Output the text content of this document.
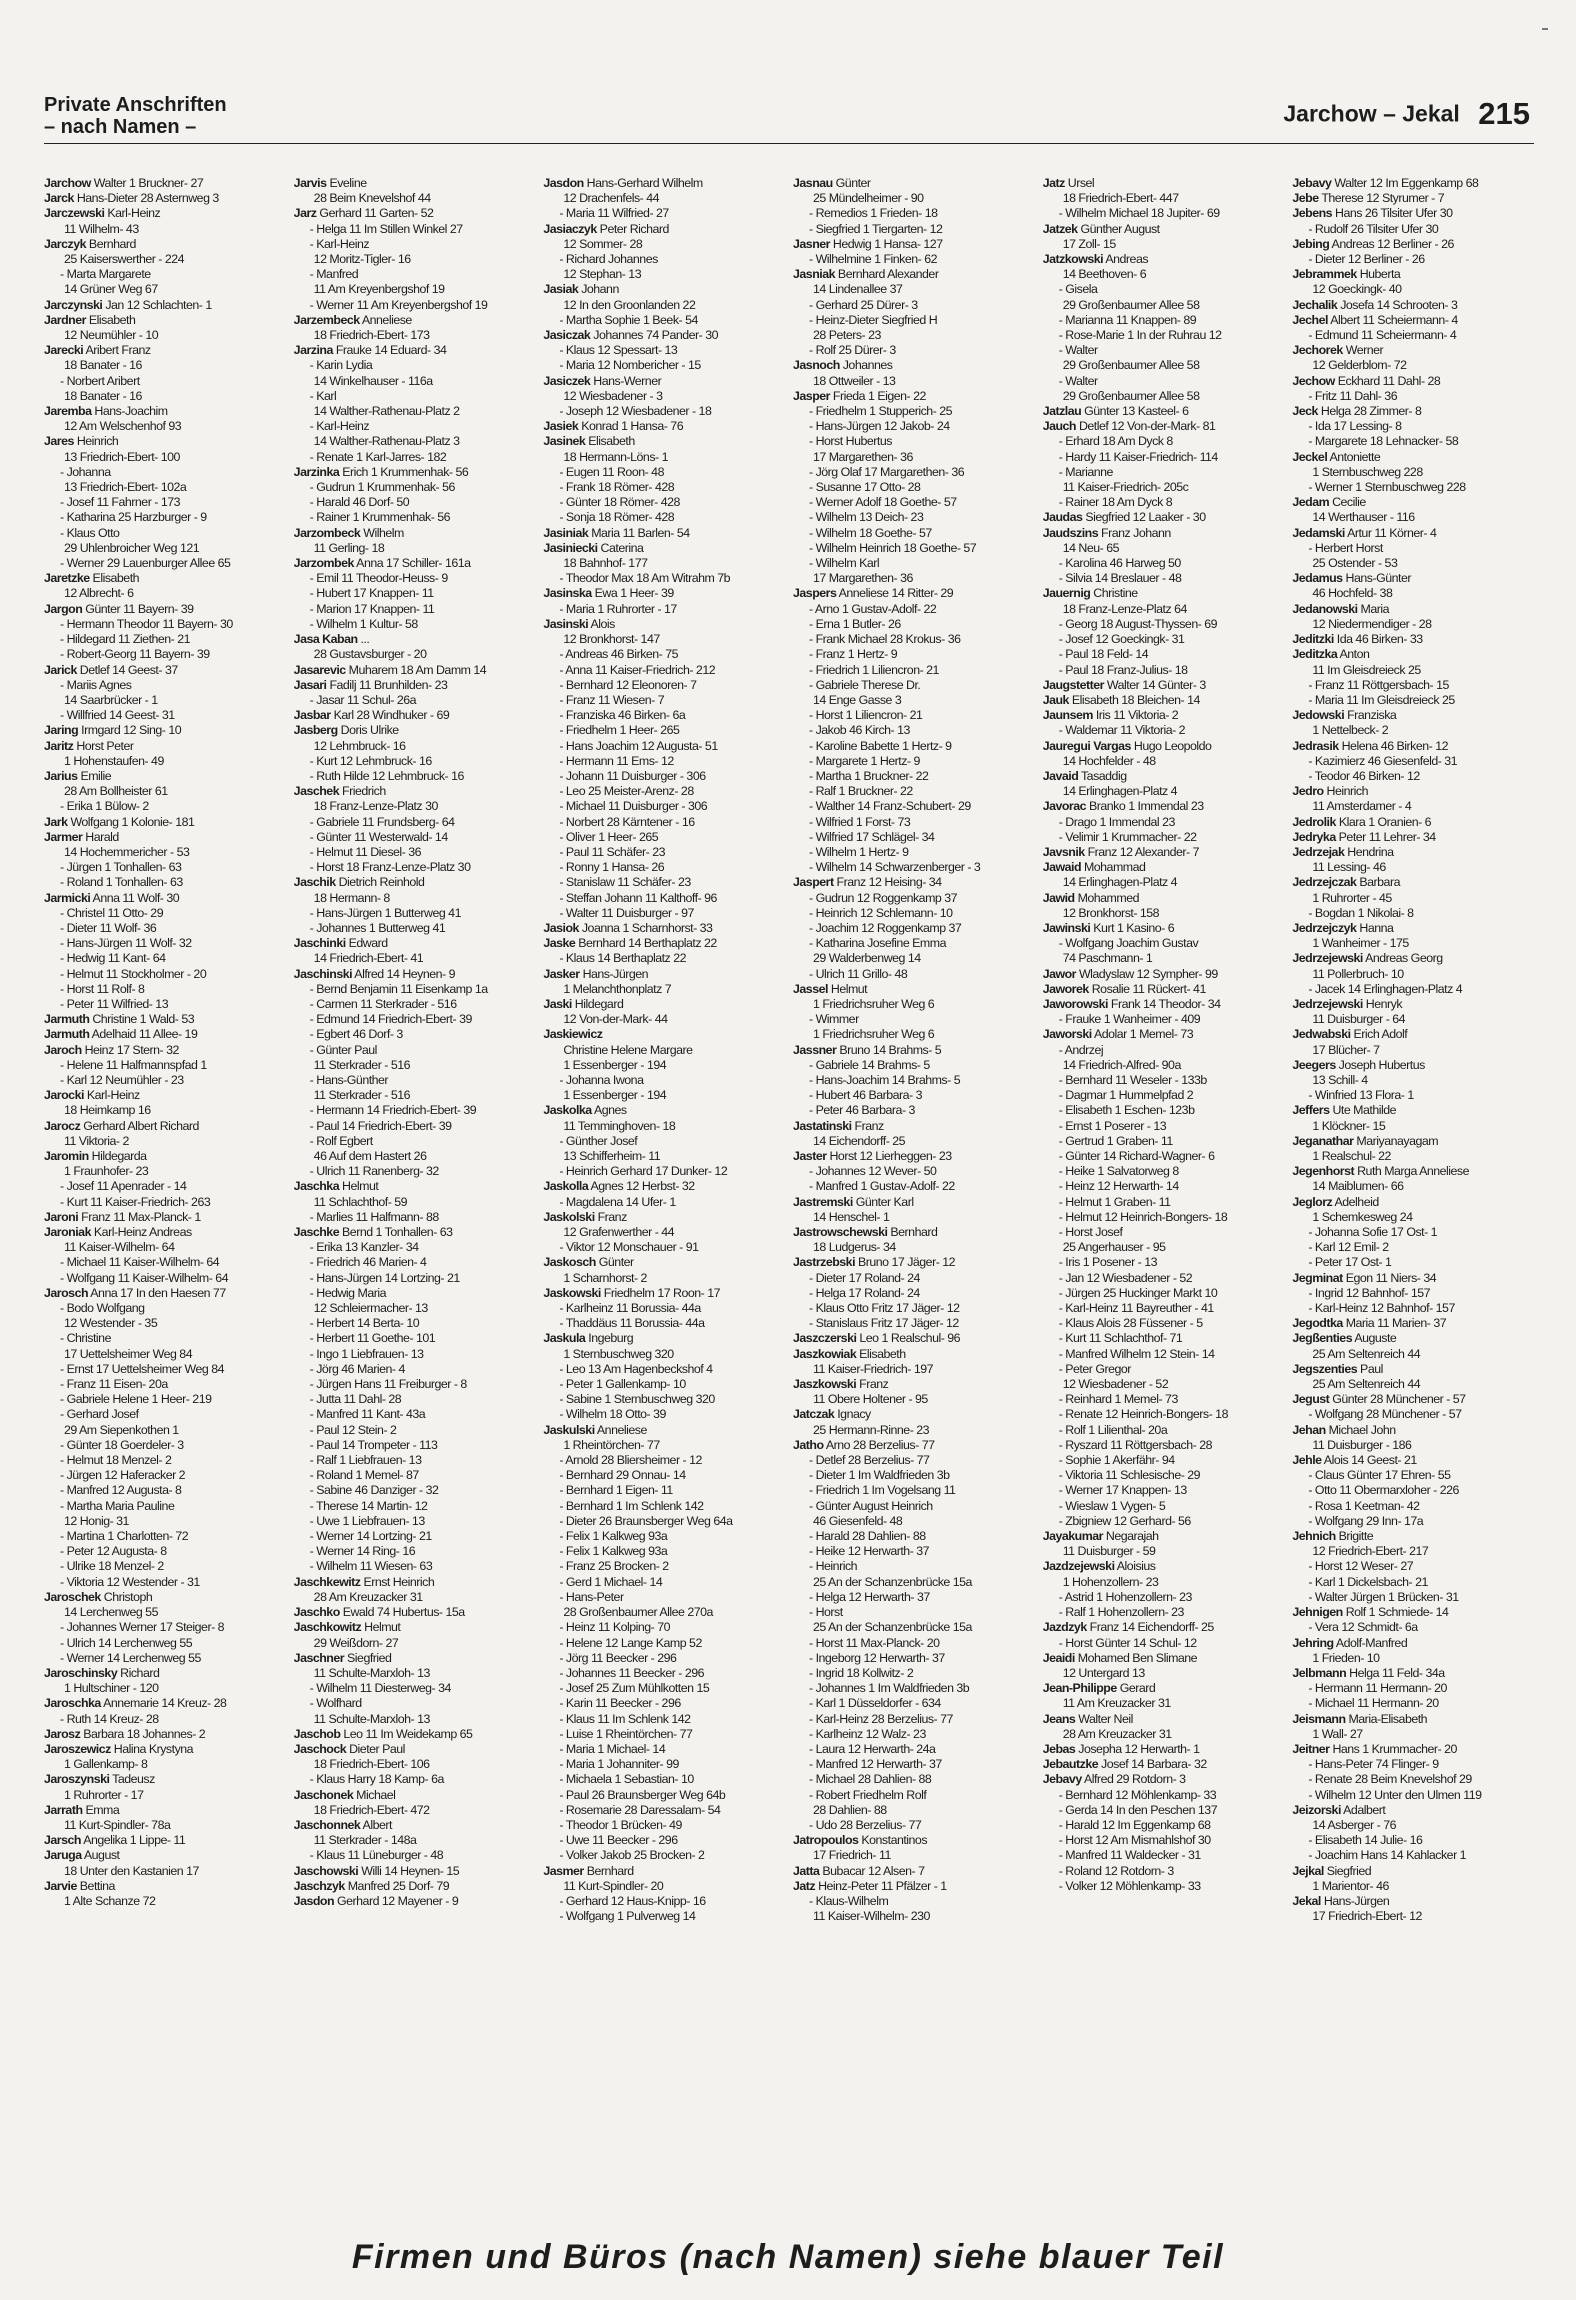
Private Anschriften
– nach Namen –
Jarchow – Jekal 215
Jarchow Walter 1 Bruckner- 27
Jarck Hans-Dieter 28 Asternweg 3
Jarczewski Karl-Heinz
11 Wilhelm- 43
Jarczyk Bernhard
25 Kaiserswerther - 224
- Marta Margarete
14 Grüner Weg 67
Jarczynski Jan 12 Schlachten- 1
Jardner Elisabeth
12 Neumühler - 10
Jarecki Aribert Franz
18 Banater - 16
- Norbert Aribert
18 Banater - 16
Jaremba Hans-Joachim
12 Am Welschenhof 93
Jares Heinrich
13 Friedrich-Ebert- 100
- Johanna
13 Friedrich-Ebert- 102a
- Josef 11 Fahrner - 173
- Katharina 25 Harzburger - 9
- Klaus Otto
29 Uhlenbroicher Weg 121
- Werner 29 Lauenburger Allee 65
Jaretzke Elisabeth
12 Albrecht- 6
Jargon Günter 11 Bayern- 39
- Hermann Theodor 11 Bayern- 30
- Hildegard 11 Ziethen- 21
- Robert-Georg 11 Bayern- 39
Jarick Detlef 14 Geest- 37
- Mariis Agnes
14 Saarbrücker - 1
- Willfried 14 Geest- 31
Jaring Irmgard 12 Sing- 10
Jaritz Horst Peter
1 Hohenstaufen- 49
Jarius Emilie
28 Am Bollheister 61
- Erika 1 Bülow- 2
Jark Wolfgang 1 Kolonie- 181
Jarmer Harald
14 Hochemmericher - 53
- Jürgen 1 Tonhallen- 63
- Roland 1 Tonhallen- 63
Jarmicki Anna 11 Wolf- 30
- Christel 11 Otto- 29
- Dieter 11 Wolf- 36
- Hans-Jürgen 11 Wolf- 32
- Hedwig 11 Kant- 64
- Helmut 11 Stockholmer - 20
- Horst 11 Rolf- 8
- Peter 11 Wilfried- 13
Jarmuth Christine 1 Wald- 53
Jarmuth Adelhaid 11 Allee- 19
Jaroch Heinz 17 Stern- 32
- Helene 11 Halfmannspfad 1
- Karl 12 Neumühler - 23
Jarocki Karl-Heinz
18 Heimkamp 16
Jarocz Gerhard Albert Richard
11 Viktoria- 2
Jaromin Hildegarda
1 Fraunhofer- 23
- Josef 11 Apenrader - 14
- Kurt 11 Kaiser-Friedrich- 263
Jaroni Franz 11 Max-Planck- 1
Jaroniak Karl-Heinz Andreas
11 Kaiser-Wilhelm- 64
- Michael 11 Kaiser-Wilhelm- 64
- Wolfgang 11 Kaiser-Wilhelm- 64
Jarosch Anna 17 In den Haesen 77
- Bodo Wolfgang
12 Westender - 35
- Christine
17 Uettelsheimer Weg 84
- Ernst 17 Uettelsheimer Weg 84
- Franz 11 Eisen- 20a
- Gabriele Helene 1 Heer- 219
- Gerhard Josef
29 Am Siepenkothen 1
- Günter 18 Goerdeler- 3
- Helmut 18 Menzel- 2
- Jürgen 12 Haferacker 2
- Manfred 12 Augusta- 8
- Martha Maria Pauline
12 Honig- 31
- Martina 1 Charlotten- 72
- Peter 12 Augusta- 8
- Ulrike 18 Menzel- 2
- Viktoria 12 Westender - 31
Jaroschek Christoph
14 Lerchenweg 55
- Johannes Werner 17 Steiger- 8
- Ulrich 14 Lerchenweg 55
- Werner 14 Lerchenweg 55
Jaroschinsky Richard
1 Hultschiner - 120
Jaroschka Annemarie 14 Kreuz- 28
- Ruth 14 Kreuz- 28
Jarosz Barbara 18 Johannes- 2
Jaroszewicz Halina Krystyna
1 Gallenkamp- 8
Jaroszynski Tadeusz
1 Ruhrorter - 17
Jarrath Emma
11 Kurt-Spindler- 78a
Jarsch Angelika 1 Lippe- 11
Jaruga August
18 Unter den Kastanien 17
Jarvie Bettina
1 Alte Schanze 72
Jarvis Eveline
28 Beim Knevelshof 44
Jarz Gerhard 11 Garten- 52
- Helga 11 Im Stillen Winkel 27
- Karl-Heinz
12 Moritz-Tigler- 16
- Manfred
11 Am Kreyenbergshof 19
- Werner 11 Am Kreyenbergshof 19
Jarzembeck Anneliese
18 Friedrich-Ebert- 173
Jarzina Frauke 14 Eduard- 34
- Karin Lydia
14 Winkelhauser - 116a
- Karl
14 Walther-Rathenau-Platz 2
- Karl-Heinz
14 Walther-Rathenau-Platz 3
- Renate 1 Karl-Jarres- 182
Jarzinka Erich 1 Krummenhak- 56
- Gudrun 1 Krummenhak- 56
- Harald 46 Dorf- 50
- Rainer 1 Krummenhak- 56
Jarzombeck Wilhelm
11 Gerling- 18
Jarzombek Anna 17 Schiller- 161a
- Emil 11 Theodor-Heuss- 9
- Hubert 17 Knappen- 11
- Marion 17 Knappen- 11
- Wilhelm 1 Kultur- 58
Jasa Kaban ...
28 Gustavsburger - 20
Jasarevic Muharem 18 Am Damm 14
Jasari Fadilj 11 Brunhilden- 23
- Jasar 11 Schul- 26a
Jasbar Karl 28 Windhuker - 69
Jasberg Doris Ulrike
12 Lehmbruck- 16
- Kurt 12 Lehmbruck- 16
- Ruth Hilde 12 Lehmbruck- 16
Jaschek Friedrich
18 Franz-Lenze-Platz 30
- Gabriele 11 Frundsberg- 64
- Günter 11 Westerwald- 14
- Helmut 11 Diesel- 36
- Horst 18 Franz-Lenze-Platz 30
Jaschik Dietrich Reinhold
18 Hermann- 8
- Hans-Jürgen 1 Butterweg 41
- Johannes 1 Butterweg 41
Jaschinki Edward
14 Friedrich-Ebert- 41
Jaschinski Alfred 14 Heynen- 9
- Bernd Benjamin 11 Eisenkamp 1a
- Carmen 11 Sterkrader - 516
- Edmund 14 Friedrich-Ebert- 39
- Egbert 46 Dorf- 3
- Günter Paul
11 Sterkrader - 516
- Hans-Günther
11 Sterkrader - 516
- Hermann 14 Friedrich-Ebert- 39
- Paul 14 Friedrich-Ebert- 39
- Rolf Egbert
46 Auf dem Hastert 26
- Ulrich 11 Ranenberg- 32
Jaschka Helmut
11 Schlachthof- 59
- Marlies 11 Halfmann- 88
Jaschke Bernd 1 Tonhallen- 63
- Erika 13 Kanzler- 34
- Friedrich 46 Marien- 4
- Hans-Jürgen 14 Lortzing- 21
- Hedwig Maria
12 Schleiermacher- 13
- Herbert 14 Berta- 10
- Herbert 11 Goethe- 101
- Ingo 1 Liebfrauen- 13
- Jörg 46 Marien- 4
- Jürgen Hans 11 Freiburger - 8
- Jutta 11 Dahl- 28
- Manfred 11 Kant- 43a
- Paul 12 Stein- 2
- Paul 14 Trompeter - 113
- Ralf 1 Liebfrauen- 13
- Roland 1 Memel- 87
- Sabine 46 Danziger - 32
- Therese 14 Martin- 12
- Uwe 1 Liebfrauen- 13
- Werner 14 Lortzing- 21
- Werner 14 Ring- 16
- Wilhelm 11 Wiesen- 63
Jaschkewitz Ernst Heinrich
28 Am Kreuzacker 31
Jaschko Ewald 74 Hubertus- 15a
Jaschkowitz Helmut
29 Weißdorn- 27
Jaschner Siegfried
11 Schulte-Marxloh- 13
- Wilhelm 11 Diesterweg- 34
- Wolfhard
11 Schulte-Marxloh- 13
Jaschob Leo 11 Im Weidekamp 65
Jaschock Dieter Paul
18 Friedrich-Ebert- 106
- Klaus Harry 18 Kamp- 6a
Jaschonek Michael
18 Friedrich-Ebert- 472
Jaschonnek Albert
11 Sterkrader - 148a
- Klaus 11 Lüneburger - 48
Jaschowski Willi 14 Heynen- 15
Jaschzyk Manfred 25 Dorf- 79
Jasdon Gerhard 12 Mayener - 9
Jasdon Hans-Gerhard Wilhelm
12 Drachenfels- 44
- Maria 11 Wilfried- 27
Jasiaczyk Peter Richard
12 Sommer- 28
- Richard Johannes
12 Stephan- 13
Jasiak Johann
12 In den Groonlanden 22
- Martha Sophie 1 Beek- 54
Jasiczak Johannes 74 Pander- 30
- Klaus 12 Spessart- 13
- Maria 12 Nombericher - 15
Jasiczek Hans-Werner
12 Wiesbadener - 3
- Joseph 12 Wiesbadener - 18
Jasiek Konrad 1 Hansa- 76
Jasinek Elisabeth
18 Hermann-Löns- 1
- Eugen 11 Roon- 48
- Frank 18 Römer- 428
- Günter 18 Römer- 428
- Sonja 18 Römer- 428
Jasiniak Maria 11 Barlen- 54
Jasiniecki Caterina
18 Bahnhof- 177
- Theodor Max 18 Am Witrahm 7b
Jasinska Ewa 1 Heer- 39
- Maria 1 Ruhrorter - 17
Jasinski Alois
12 Bronkhorst- 147
- Andreas 46 Birken- 75
- Anna 11 Kaiser-Friedrich- 212
- Bernhard 12 Eleonoren- 7
- Franz 11 Wiesen- 7
- Franziska 46 Birken- 6a
- Friedhelm 1 Heer- 265
- Hans Joachim 12 Augusta- 51
- Hermann 11 Ems- 12
- Johann 11 Duisburger - 306
- Leo 25 Meister-Arenz- 28
- Michael 11 Duisburger - 306
- Norbert 28 Kärntener - 16
- Oliver 1 Heer- 265
- Paul 11 Schäfer- 23
- Ronny 1 Hansa- 26
- Stanislaw 11 Schäfer- 23
- Steffan Johann 11 Kalthoff- 96
- Walter 11 Duisburger - 97
Jasiok Joanna 1 Scharnhorst- 33
Jaske Bernhard 14 Berthaplatz 22
- Klaus 14 Berthaplatz 22
Jasker Hans-Jürgen
1 Melanchthonplatz 7
Jaski Hildegard
12 Von-der-Mark- 44
Jaskiewicz
Christine Helene Margare
1 Essenberger - 194
- Johanna Iwona
1 Essenberger - 194
Jaskolka Agnes
11 Temminghoven- 18
- Günther Josef
13 Schifferheim- 11
- Heinrich Gerhard 17 Dunker- 12
Jaskolla Agnes 12 Herbst- 32
- Magdalena 14 Ufer- 1
Jaskolski Franz
12 Grafenwerther - 44
- Viktor 12 Monschauer - 91
Jaskosch Günter
1 Scharnhorst- 2
Jaskowski Friedhelm 17 Roon- 17
- Karlheinz 11 Borussia- 44a
- Thaddäus 11 Borussia- 44a
Jaskula Ingeburg
1 Sternbuschweg 320
- Leo 13 Am Hagenbeckshof 4
- Peter 1 Gallenkamp- 10
- Sabine 1 Sternbuschweg 320
- Wilhelm 18 Otto- 39
Jaskulski Anneliese
1 Rheintörchen- 77
- Arnold 28 Bliersheimer - 12
- Bernhard 29 Onnau- 14
- Bernhard 1 Eigen- 11
- Bernhard 1 Im Schlenk 142
- Dieter 26 Braunsberger Weg 64a
- Felix 1 Kalkweg 93a
- Felix 1 Kalkweg 93a
- Franz 25 Brocken- 2
- Gerd 1 Michael- 14
- Hans-Peter
28 Großenbaumer Allee 270a
- Heinz 11 Kolping- 70
- Helene 12 Lange Kamp 52
- Jörg 11 Beecker - 296
- Johannes 11 Beecker - 296
- Josef 25 Zum Mühlkotten 15
- Karin 11 Beecker - 296
- Klaus 11 Im Schlenk 142
- Luise 1 Rheintörchen- 77
- Maria 1 Michael- 14
- Maria 1 Johanniter- 99
- Michaela 1 Sebastian- 10
- Paul 26 Braunsberger Weg 64b
- Rosemarie 28 Daressalam- 54
- Theodor 1 Brücken- 49
- Uwe 11 Beecker - 296
- Volker Jakob 25 Brocken- 2
Jasmer Bernhard
11 Kurt-Spindler- 20
- Gerhard 12 Haus-Knipp- 16
- Wolfgang 1 Pulverweg 14
Jasnau Günter
25 Mündelheimer - 90
- Remedios 1 Frieden- 18
- Siegfried 1 Tiergarten- 12
Jasner Hedwig 1 Hansa- 127
- Wilhelmine 1 Finken- 62
Jasniak Bernhard Alexander
14 Lindenallee 37
- Gerhard 25 Dürer- 3
- Heinz-Dieter Siegfried H
28 Peters- 23
- Rolf 25 Dürer- 3
Jasnoch Johannes
18 Ottweiler - 13
Jasper Frieda 1 Eigen- 22
- Friedhelm 1 Stupperich- 25
- Hans-Jürgen 12 Jakob- 24
- Horst Hubertus
17 Margarethen- 36
- Jörg Olaf 17 Margarethen- 36
- Susanne 17 Otto- 28
- Werner Adolf 18 Goethe- 57
- Wilhelm 13 Deich- 23
- Wilhelm 18 Goethe- 57
- Wilhelm Heinrich 18 Goethe- 57
- Wilhelm Karl
17 Margarethen- 36
Jaspers Anneliese 14 Ritter- 29
- Arno 1 Gustav-Adolf- 22
- Erna 1 Butler- 26
- Frank Michael 28 Krokus- 36
- Franz 1 Hertz- 9
- Friedrich 1 Liliencron- 21
- Gabriele Therese Dr.
14 Enge Gasse 3
- Horst 1 Liliencron- 21
- Jakob 46 Kirch- 13
- Karoline Babette 1 Hertz- 9
- Margarete 1 Hertz- 9
- Martha 1 Bruckner- 22
- Ralf 1 Bruckner- 22
- Walther 14 Franz-Schubert- 29
- Wilfried 1 Forst- 73
- Wilfried 17 Schlägel- 34
- Wilhelm 1 Hertz- 9
- Wilhelm 14 Schwarzenberger - 3
Jaspert Franz 12 Heising- 34
- Gudrun 12 Roggenkamp 37
- Heinrich 12 Schlemann- 10
- Joachim 12 Roggenkamp 37
- Katharina Josefine Emma
29 Walderbenweg 14
- Ulrich 11 Grillo- 48
Jassel Helmut
1 Friedrichsruher Weg 6
- Wimmer
1 Friedrichsruher Weg 6
Jassner Bruno 14 Brahms- 5
- Gabriele 14 Brahms- 5
- Hans-Joachim 14 Brahms- 5
- Hubert 46 Barbara- 3
- Peter 46 Barbara- 3
Jastatinski Franz
14 Eichendorff- 25
Jaster Horst 12 Lierheggen- 23
- Johannes 12 Wever- 50
- Manfred 1 Gustav-Adolf- 22
Jastremski Günter Karl
14 Henschel- 1
Jastrowschewski Bernhard
18 Ludgerus- 34
Jastrzebski Bruno 17 Jäger- 12
- Dieter 17 Roland- 24
- Helga 17 Roland- 24
- Klaus Otto Fritz 17 Jäger- 12
- Stanislaus Fritz 17 Jäger- 12
Jaszczerski Leo 1 Realschul- 96
Jaszkowiak Elisabeth
11 Kaiser-Friedrich- 197
Jaszkowski Franz
11 Obere Holtener - 95
Jatczak Ignacy
25 Hermann-Rinne- 23
Jatho Arno 28 Berzelius- 77
- Detlef 28 Berzelius- 77
- Dieter 1 Im Waldfrieden 3b
- Friedrich 1 Im Vogelsang 11
- Günter August Heinrich
46 Giesenfeld- 48
- Harald 28 Dahlien- 88
- Heike 12 Herwarth- 37
- Heinrich
25 An der Schanzenbrücke 15a
- Helga 12 Herwarth- 37
- Horst
25 An der Schanzenbrücke 15a
- Horst 11 Max-Planck- 20
- Ingeborg 12 Herwarth- 37
- Ingrid 18 Kollwitz- 2
- Johannes 1 Im Waldfrieden 3b
- Karl 1 Düsseldorfer - 634
- Karl-Heinz 28 Berzelius- 77
- Karlheinz 12 Walz- 23
- Laura 12 Herwarth- 24a
- Manfred 12 Herwarth- 37
- Michael 28 Dahlien- 88
- Robert Friedhelm Rolf
28 Dahlien- 88
- Udo 28 Berzelius- 77
Jatropoulos Konstantinos
17 Friedrich- 11
Jatta Bubacar 12 Alsen- 7
Jatz Heinz-Peter 11 Pfälzer - 1
- Klaus-Wilhelm
11 Kaiser-Wilhelm- 230
Jatz Ursel
18 Friedrich-Ebert- 447
- Wilhelm Michael 18 Jupiter- 69
Jatzek Günther August
17 Zoll- 15
Jatzkowski Andreas
14 Beethoven- 6
- Gisela
29 Großenbaumer Allee 58
- Marianna 11 Knappen- 89
- Rose-Marie 1 In der Ruhrau 12
- Walter
29 Großenbaumer Allee 58
- Walter
29 Großenbaumer Allee 58
Jatzlau Günter 13 Kasteel- 6
Jauch Detlef 12 Von-der-Mark- 81
- Erhard 18 Am Dyck 8
- Hardy 11 Kaiser-Friedrich- 114
- Marianne
11 Kaiser-Friedrich- 205c
- Rainer 18 Am Dyck 8
Jaudas Siegfried 12 Laaker - 30
Jaudszins Franz Johann
14 Neu- 65
- Karolina 46 Harweg 50
- Silvia 14 Breslauer - 48
Jauernig Christine
18 Franz-Lenze-Platz 64
- Georg 18 August-Thyssen- 69
- Josef 12 Goeckingk- 31
- Paul 18 Feld- 14
- Paul 18 Franz-Julius- 18
Jaugstetter Walter 14 Günter- 3
Jauk Elisabeth 18 Bleichen- 14
Jaunsem Iris 11 Viktoria- 2
- Waldemar 11 Viktoria- 2
Jauregui Vargas Hugo Leopoldo
14 Hochfelder - 48
Javaid Tasaddig
14 Erlinghagen-Platz 4
Javorac Branko 1 Immendal 23
- Drago 1 Immendal 23
- Velimir 1 Krummacher- 22
Javsnik Franz 12 Alexander- 7
Jawaid Mohammad
14 Erlinghagen-Platz 4
Jawid Mohammed
12 Bronkhorst- 158
Jawinski Kurt 1 Kasino- 6
- Wolfgang Joachim Gustav
74 Paschmann- 1
Jawor Wladyslaw 12 Sympher- 99
Jaworek Rosalie 11 Rückert- 41
Jaworowski Frank 14 Theodor- 34
- Frauke 1 Wanheimer - 409
Jaworski Adolar 1 Memel- 73
- Andrzej
14 Friedrich-Alfred- 90a
- Bernhard 11 Weseler - 133b
- Dagmar 1 Hummelpfad 2
- Elisabeth 1 Eschen- 123b
- Ernst 1 Poserer - 13
- Gertrud 1 Graben- 11
- Günter 14 Richard-Wagner- 6
- Heike 1 Salvatorweg 8
- Heinz 12 Herwarth- 14
- Helmut 1 Graben- 11
- Helmut 12 Heinrich-Bongers- 18
- Horst Josef
25 Angerhauser - 95
- Iris 1 Posener - 13
- Jan 12 Wiesbadener - 52
- Jürgen 25 Huckinger Markt 10
- Karl-Heinz 11 Bayreuther - 41
- Klaus Alois 28 Füssener - 5
- Kurt 11 Schlachthof- 71
- Manfred Wilhelm 12 Stein- 14
- Peter Gregor
12 Wiesbadener - 52
- Reinhard 1 Memel- 73
- Renate 12 Heinrich-Bongers- 18
- Rolf 1 Lilienthal- 20a
- Ryszard 11 Röttgersbach- 28
- Sophie 1 Akerfähr- 94
- Viktoria 11 Schlesische- 29
- Werner 17 Knappen- 13
- Wieslaw 1 Vygen- 5
- Zbigniew 12 Gerhard- 56
Jayakumar Negarajah
11 Duisburger - 59
Jazdzejewski Aloisius
1 Hohenzollern- 23
- Astrid 1 Hohenzollern- 23
- Ralf 1 Hohenzollern- 23
Jazdzyk Franz 14 Eichendorff- 25
- Horst Günter 14 Schul- 12
Jeaidi Mohamed Ben Slimane
12 Untergard 13
Jean-Philippe Gerard
11 Am Kreuzacker 31
Jeans Walter Neil
28 Am Kreuzacker 31
Jebas Josepha 12 Herwarth- 1
Jebautzke Josef 14 Barbara- 32
Jebavy Alfred 29 Rotdorn- 3
- Bernhard 12 Möhlenkamp- 33
- Gerda 14 In den Peschen 137
- Harald 12 Im Eggenkamp 68
- Horst 12 Am Mismahlshof 30
- Manfred 11 Waldecker - 31
- Roland 12 Rotdorn- 3
- Volker 12 Möhlenkamp- 33
Jebavy Walter 12 Im Eggenkamp 68
Jebe Therese 12 Styrumer - 7
Jebens Hans 26 Tilsiter Ufer 30
- Rudolf 26 Tilsiter Ufer 30
Jebing Andreas 12 Berliner - 26
- Dieter 12 Berliner - 26
Jebrammek Huberta
12 Goeckingk- 40
Jechalik Josefa 14 Schrooten- 3
Jechel Albert 11 Scheiermann- 4
- Edmund 11 Scheiermann- 4
Jechorek Werner
12 Gelderblom- 72
Jechow Eckhard 11 Dahl- 28
- Fritz 11 Dahl- 36
Jeck Helga 28 Zimmer- 8
- Ida 17 Lessing- 8
- Margarete 18 Lehnacker- 58
Jeckel Antoniette
1 Sternbuschweg 228
- Werner 1 Sternbuschweg 228
Jedam Cecilie
14 Werthauser - 116
Jedamski Artur 11 Körner- 4
- Herbert Horst
25 Ostender - 53
Jedamus Hans-Günter
46 Hochfeld- 38
Jedanowski Maria
12 Niedermendiger - 28
Jeditzki Ida 46 Birken- 33
Jeditzka Anton
11 Im Gleisdreieck 25
- Franz 11 Röttgersbach- 15
- Maria 11 Im Gleisdreieck 25
Jedowski Franziska
1 Nettelbeck- 2
Jedrasik Helena 46 Birken- 12
- Kazimierz 46 Giesenfeld- 31
- Teodor 46 Birken- 12
Jedro Heinrich
11 Amsterdamer - 4
Jedrolik Klara 1 Oranien- 6
Jedryka Peter 11 Lehrer- 34
Jedrzejak Hendrina
11 Lessing- 46
Jedrzejczak Barbara
1 Ruhrorter - 45
- Bogdan 1 Nikolai- 8
Jedrzejczyk Hanna
1 Wanheimer - 175
Jedrzejewski Andreas Georg
11 Pollerbruch- 10
- Jacek 14 Erlinghagen-Platz 4
Jedrzejewski Henryk
11 Duisburger - 64
Jedwabski Erich Adolf
17 Blücher- 7
Jeegers Joseph Hubertus
13 Schill- 4
- Winfried 13 Flora- 1
Jeffers Ute Mathilde
1 Klöckner- 15
Jeganathar Mariyanayagam
1 Realschul- 22
Jegenhorst Ruth Marga Anneliese
14 Maiblumen- 66
Jeglorz Adelheid
1 Schemkesweg 24
- Johanna Sofie 17 Ost- 1
- Karl 12 Emil- 2
- Peter 17 Ost- 1
Jegminat Egon 11 Niers- 34
- Ingrid 12 Bahnhof- 157
- Karl-Heinz 12 Bahnhof- 157
Jegodtka Maria 11 Marien- 37
Jegßenties Auguste
25 Am Seltenreich 44
Jegszenties Paul
25 Am Seltenreich 44
Jegust Günter 28 Münchener - 57
- Wolfgang 28 Münchener - 57
Jehan Michael John
11 Duisburger - 186
Jehle Alois 14 Geest- 21
- Claus Günter 17 Ehren- 55
- Otto 11 Obermarxloher - 226
- Rosa 1 Keetman- 42
- Wolfgang 29 Inn- 17a
Jehnich Brigitte
12 Friedrich-Ebert- 217
- Horst 12 Weser- 27
- Karl 1 Dickelsbach- 21
- Walter Jürgen 1 Brücken- 31
Jehnigen Rolf 1 Schmiede- 14
- Vera 12 Schmidt- 6a
Jehring Adolf-Manfred
1 Frieden- 10
Jelbmann Helga 11 Feld- 34a
- Hermann 11 Hermann- 20
- Michael 11 Hermann- 20
Jeismann Maria-Elisabeth
1 Wall- 27
Jeitner Hans 1 Krummacher- 20
- Hans-Peter 74 Flinger- 9
- Renate 28 Beim Knevelshof 29
- Wilhelm 12 Unter den Ulmen 119
Jeizorski Adalbert
14 Asberger - 76
- Elisabeth 14 Julie- 16
- Joachim Hans 14 Kahlacker 1
Jejkal Siegfried
1 Marientor- 46
Jekal Hans-Jürgen
17 Friedrich-Ebert- 12
Firmen und Büros (nach Namen) siehe blauer Teil
